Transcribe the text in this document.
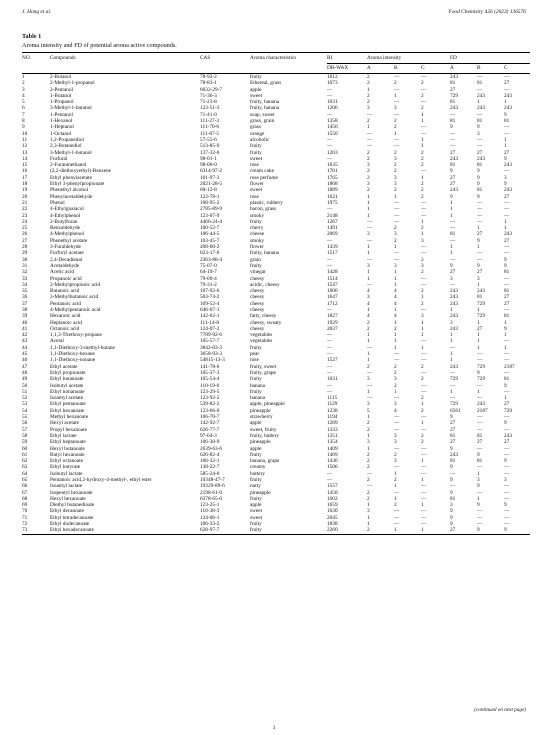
J. Hong et al.	Food Chemistry 426 (2023) 136576
Table 1
Aroma intensity and FD of potential aroma active compounds.
NO.	Compounds	CAS	Aroma characteristics	RI	Aroma intensity			FD		
				DB-WAX	A	B	C	A	B	C
1	2-Butanol	78-92-2	fruity	1012	2	—	—	243	—	—
2	2-Methyl-1-propanol	78-83-1	Ethereal, grass	1073	2	2	2	81	81	27
3	2-Pentanol	6032-29-7	apple	—	1	—	—	27	—	—
4	1-Butanol	71-36-3	sweet	—	2	1	2	729	243	243
5	1-Propanol	71-23-8	fruity, banana	1031	2	—	—	81	1	1
6	3-Methyl-1-butanol	123-51-3	fruity, banana	1206	3	3	2	243	243	243
7	1-Pentanol	71-41-0	soap, sweet	—	—	—	1	—	—	9
8	1-Hexanol	111-27-3	grass, grain	1358	2	2	1	81	81	81
9	1-Heptanol	111-70-6	grass	1456	1	2	—	9	9	—
10	1-Octanol	111-87-5	orange	1550	—	1	—	—	3	—
11	1,2-Propanediol	57-55-6	alcoholic	—	—	—	1	—	—	1
12	2,3-Butanediol	513-85-9	fruity	—	—	—	1	—	—	1
13	3-Methyl-1-butanol	137-32-6	fruity	1203	2	2	2	27	27	27
14	Furfural	98-01-1	sweet	—	2	3	2	243	243	9
15	2-Furanmethanol	98-00-0	rose	1635	3	2	2	81	81	243
16	(2,2-diethoxyethyl)-Benzene	6314-97-2	cream cake	1701	2	2	—	9	9	—
17	Ethyl phenylacetate	101-97-3	rose perfume	1765	2	3	1	27	9	3
18	Ethyl 3-phenylpropionate	2021-28-5	flower	1868	3	3	2	27	9	9
19	Phenethyl alcohol	60-12-8	sweet	1889	2	2	2	243	81	243
20	Phenylacetaldehyde	122-78-1	rose	1621	1	1	2	9	9	27
21	Phenol	108-95-2	plastic, rubbery	1975	1	—	—	1	—	—
22	4-Ethylguaiacol	2785-89-9	bacon, grass	—	1	—	—	1	—	—
23	4-Ethylphenol	123-07-9	smoky	2148	1	—	—	1	—	—
24	2-Butylfuran	4466-24-4	fruity	1267	—	—	1	—	—	1
25	Benzaldehyde	100-52-7	cherry	1491	—	2	2	—	1	1
26	4-Methylphenol	106-44-5	cheese	2069	3	3	1	81	27	243
27	Phenethyl acetate	103-45-7	smoky	—	—	2	3	—	9	27
28	3-Furaldehyde	498-60-2	flower	1439	1	1	—	1	1	—
29	Furfuryl acetate	623-17-6	fruity, banana	1517	1	—	—	1	—	—
30	2,4-Decadienal	2363-88-4	grain	—	—	—	2	—	—	9
31	Acetaldehyde	75-07-0	fruity	—	3	3	3	9	9	9
32	Acetic acid	64-19-7	vinegar	1428	1	1	2	27	27	81
33	Propanoic acid	79-09-4	cheesy	1514	1	1	—	3	3	—
34	2-Methylpropionic acid	79-31-2	acidic, cheesy	1547	—	1	—	—	1	—
35	Butanoic acid	107-92-6	cheesy	1600	4	4	2	243	243	81
36	3-Methylbutanoic acid	503-74-2	cheesy	1647	3	4	1	243	81	27
37	Pentanoic acid	109-52-4	cheesy	1712	4	4	2	243	729	27
38	4-Methylpentanoic acid	646-07-1	cheesy	—	1	1	—	1	1	—
39	Hexanoic acid	142-62-1	fatty, cheesy	1827	4	4	3	243	729	81
40	Heptanoic acid	111-14-8	cheesy, sweaty	1929	2	1	1	3	1	1
41	Octanoic acid	124-07-2	cheesy	2037	2	2	1	243	27	9
42	1,1,3-Triethoxy-propane	7789-92-6	vegetables	—	1	1	1	1	1	1
43	Acetal	105-57-7	vegetables	—	1	1	—	1	1	—
44	1,1-Diethoxy-3-methyl-butane	3842-03-3	fruity	—	—	1	1	—	1	1
45	1,1-Diethoxy-hexane	3658-93-3	pear	—	1	—	—	1	—	—
46	1,1-Diethoxy-nonane	54815-13-3	rose	1527	1	—	—	1	—	—
47	Ethyl acetate	141-78-6	fruity, sweet	—	2	2	2	243	729	2187
48	Ethyl propionate	105-37-3	fruity, grape	—	—	2	—	—	9	—
49	Ethyl butanoate	105-54-4	fruity	1031	3	3	2	729	729	81
50	Isobutyl acetate	110-19-0	banana	—	—	2	—	—	—	9
51	Ethyl nonanoate	123-29-5	fruity	—	1	1	—	1	1	—
52	Isoamyl acetate	123-92-2	banana	1115	—	—	2	—	—	1
53	Ethyl pentanoate	539-82-2	apple, pineapple	1129	3	3	1	729	243	27
54	Ethyl hexanoate	123-66-0	pineapple	1238	5	4	2	6561	2187	729
55	Methyl hexanoate	106-70-7	strawberry	1194	1	—	—	9	—	—
56	Hexyl acetate	142-92-7	apple	1289	2	—	1	27	—	9
57	Propyl hexanoate	626-77-7	sweet, fruity	1333	2	—	—	27	—	—
58	Ethyl lactate	97-64-3	fruity, buttery	1351	1	3	2	81	81	243
59	Ethyl heptanoate	106-30-9	pineapple	1354	3	3	2	27	27	27
60	Hexyl butanoate	2639-63-6	apple	1409	1	—	—	9	—	—
61	Butyl hexanoate	626-82-4	fruity	1409	2	2	—	243	9	—
62	Ethyl octanoate	106-32-1	banana, grape	1436	2	3	1	81	81	9
63	Ethyl butyrate	138-22-7	creamy	1506	2	—	—	9	—	—
64	Isobutyl lactate	585-24-0	buttery	—	—	1	—	—	1	—
65	Pentanoic acid,2-hydroxy-4-methyl-, ethyl ester	10348-47-7	fruity	—	2	2	1	9	3	3
66	Isoamyl lactate	19329-89-6	nutty	1557	—	1	—	—	9	—
67	Isopentyl hexanoate	2198-61-0	pineapple	1458	2	—	—	9	—	—
68	Hexyl hexanoate	6378-65-0	fruity	1602	2	1	—	81	1	—
69	Diethyl butanedioate	123-25-1	apple	1659	1	2	1	3	9	9
70	Ethyl decanoate	110-38-3	sweet	1630	3	—	—	9	—	—
71	Ethyl tetradecanoate	124-06-1	sweet	2045	1	—	—	9	—	—
72	Ethyl dodecanoate	106-33-2	fruity	1838	1	—	—	9	—	—
73	Ethyl hexadecanoate	628-97-7	fruity	2260	2	1	1	27	9	9
(continued on next page)
3
